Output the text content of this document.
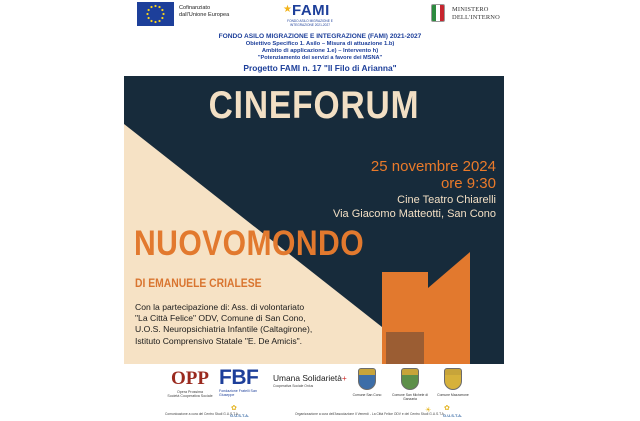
Cofinanziato
dall'Unione Europea	★ FAMI
FONDO ASILO MIGRAZIONE E
INTEGRAZIONE 2021-2027
MINISTERO
DELL'INTERNO
FONDO ASILO MIGRAZIONE E INTEGRAZIONE (FAMI) 2021-2027
Obiettivo Specifico 1. Asilo – Misura di attuazione 1.b)
Ambito di applicazione 1.e) – Intervento h)
"Potenziamento dei servizi a favore dei MSNA"
Progetto FAMI n. 17 "Il Filo di Arianna"
CINEFORUM
25 novembre 2024
ore 9:30
Cine Teatro Chiarelli
Via Giacomo Matteotti, San Cono
NUOVOMONDO
DI EMANUELE CRIALESE
Con la partecipazione di: Ass. di volontariato
"La Città Felice" ODV, Comune di San Cono,
U.O.S. Neuropsichiatria Infantile (Caltagirone),
Istituto Comprensivo Statale "E. De Amicis".
OPP
Opera Prossima
Società Cooperativa Sociale
FBF
Fondazione Fratelli San Giuseppe
Umana Solidarietà+
Cooperativa Sociale Onlus
Comune San Cono	Comune San Michele di Ganzaria
Comune Mazzarrone
Comunicazione a cura del Centro Studi G.U.S.T.A.	Organizzazione a cura dell'Associazione Il Venerdì - La Città Felice ODV e del Centro Studi G.U.S.T.A.
✿	✿
☀
G.U.S.T.A.	G.U.S.T.A.
